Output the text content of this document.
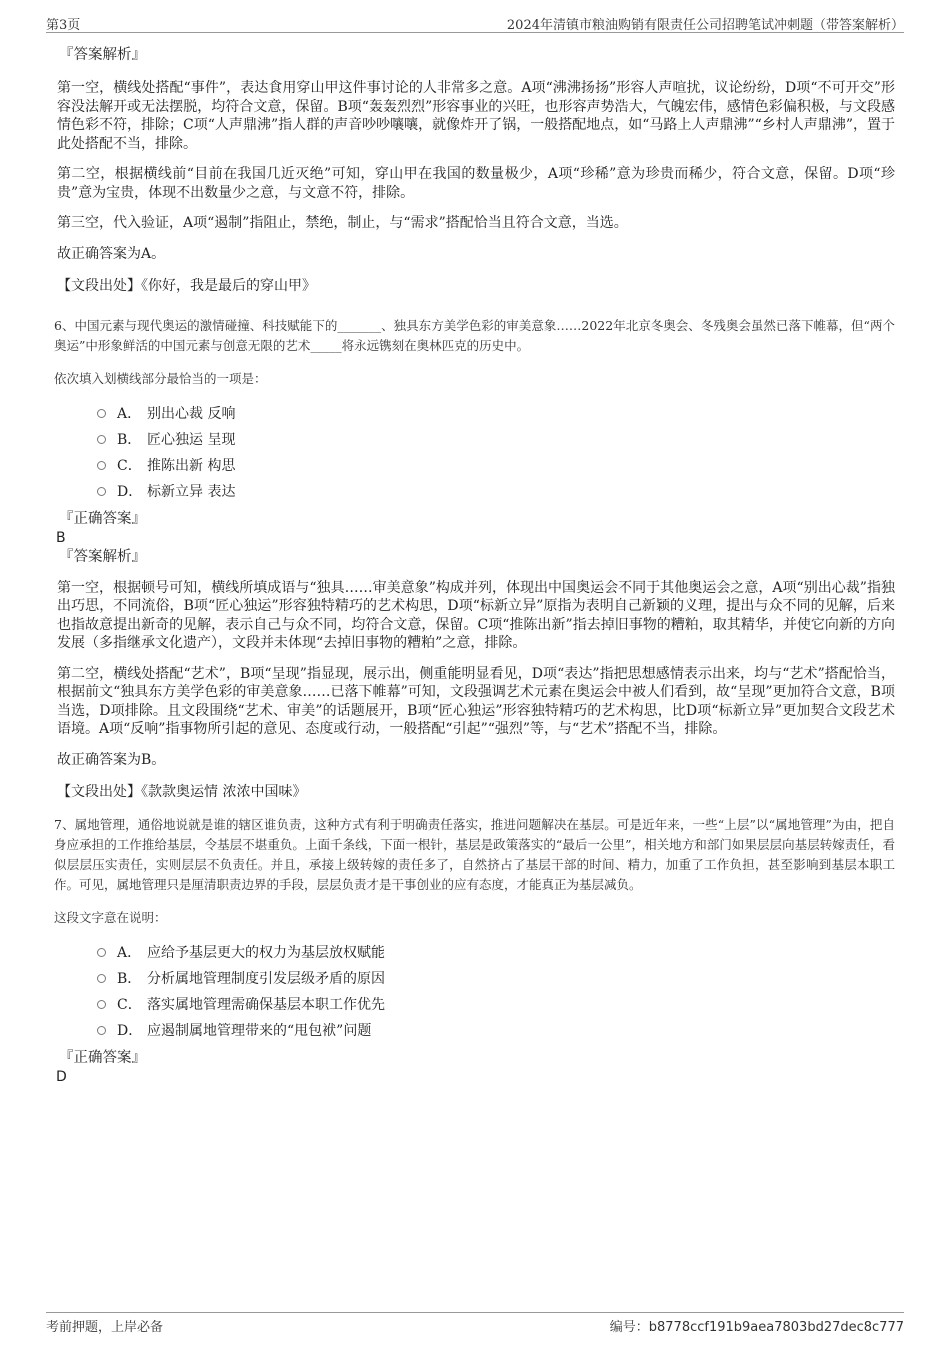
第3页	2024年清镇市粮油购销有限责任公司招聘笔试冲刺题（带答案解析）
『答案解析』
第一空，横线处搭配“事件”，表达食用穿山甲这件事讨论的人非常多之意。A项“沸沸扬扬”形容人声喧扰，议论纷纷，D项“不可开交”形容没法解开或无法摆脱，均符合文意，保留。B项“轰轰烈烈”形容事业的兴旺，也形容声势浩大，气魄宏伟，感情色彩偏积极，与文段感情色彩不符，排除；C项“人声鼎沸”指人群的声音吵吵嚷嚷，就像炸开了锅，一般搭配地点，如“马路上人声鼎沸”“乡村人声鼎沸”，置于此处搭配不当，排除。
第二空，根据横线前“目前在我国几近灭绝”可知，穿山甲在我国的数量极少，A项“珍稀”意为珍贵而稀少，符合文意，保留。D项“珍贵”意为宝贵，体现不出数量少之意，与文意不符，排除。
第三空，代入验证，A项“遏制”指阻止，禁绝，制止，与“需求”搭配恰当且符合文意，当选。
故正确答案为A。
【文段出处】《你好，我是最后的穿山甲》
6、中国元素与现代奥运的激情碰撞、科技赋能下的_______、独具东方美学色彩的审美意象……2022年北京冬奥会、冬残奥会虽然已落下帷幕，但“两个奥运”中形象鲜活的中国元素与创意无限的艺术_____将永远镌刻在奥林匹克的历史中。
依次填入划横线部分最恰当的一项是：
A． 别出心裁 反响
B． 匠心独运 呈现
C． 推陈出新 构思
D． 标新立异 表达
『正确答案』
B
『答案解析』
第一空，根据顿号可知，横线所填成语与“独具……审美意象”构成并列，体现出中国奥运会不同于其他奥运会之意，A项“别出心裁”指独出巧思，不同流俗，B项“匠心独运”形容独特精巧的艺术构思，D项“标新立异”原指为表明自己新颖的义理，提出与众不同的见解，后来也指故意提出新奇的见解，表示自己与众不同，均符合文意，保留。C项“推陈出新”指去掉旧事物的糟粕，取其精华，并使它向新的方向发展（多指继承文化遗产），文段并未体现“去掉旧事物的糟粕”之意，排除。
第二空，横线处搭配“艺术”，B项“呈现”指显现，展示出，侧重能明显看见，D项“表达”指把思想感情表示出来，均与“艺术”搭配恰当，根据前文“独具东方美学色彩的审美意象……已落下帷幕”可知，文段强调艺术元素在奥运会中被人们看到，故“呈现”更加符合文意，B项当选，D项排除。且文段围绕“艺术、审美”的话题展开，B项“匠心独运”形容独特精巧的艺术构思，比D项“标新立异”更加契合文段艺术语境。A项“反响”指事物所引起的意见、态度或行动，一般搭配“引起”“强烈”等，与“艺术”搭配不当，排除。
故正确答案为B。
【文段出处】《款款奥运情 浓浓中国味》
7、属地管理，通俗地说就是谁的辖区谁负责，这种方式有利于明确责任落实，推进问题解决在基层。可是近年来，一些“上层”以“属地管理”为由，把自身应承担的工作推给基层，令基层不堪重负。上面千条线，下面一根针，基层是政策落实的“最后一公里”，相关地方和部门如果层层向基层转嫁责任，看似层层压实责任，实则层层不负责任。并且，承接上级转嫁的责任多了，自然挤占了基层干部的时间、精力，加重了工作负担，甚至影响到基层本职工作。可见，属地管理只是厘清职责边界的手段，层层负责才是干事创业的应有态度，才能真正为基层减负。
这段文字意在说明：
A． 应给予基层更大的权力为基层放权赋能
B． 分析属地管理制度引发层级矛盾的原因
C． 落实属地管理需确保基层本职工作优先
D． 应遏制属地管理带来的“甩包袱”问题
『正确答案』
D
考前押题，上岸必备	编号：b8778ccf191b9aea7803bd27dec8c777
